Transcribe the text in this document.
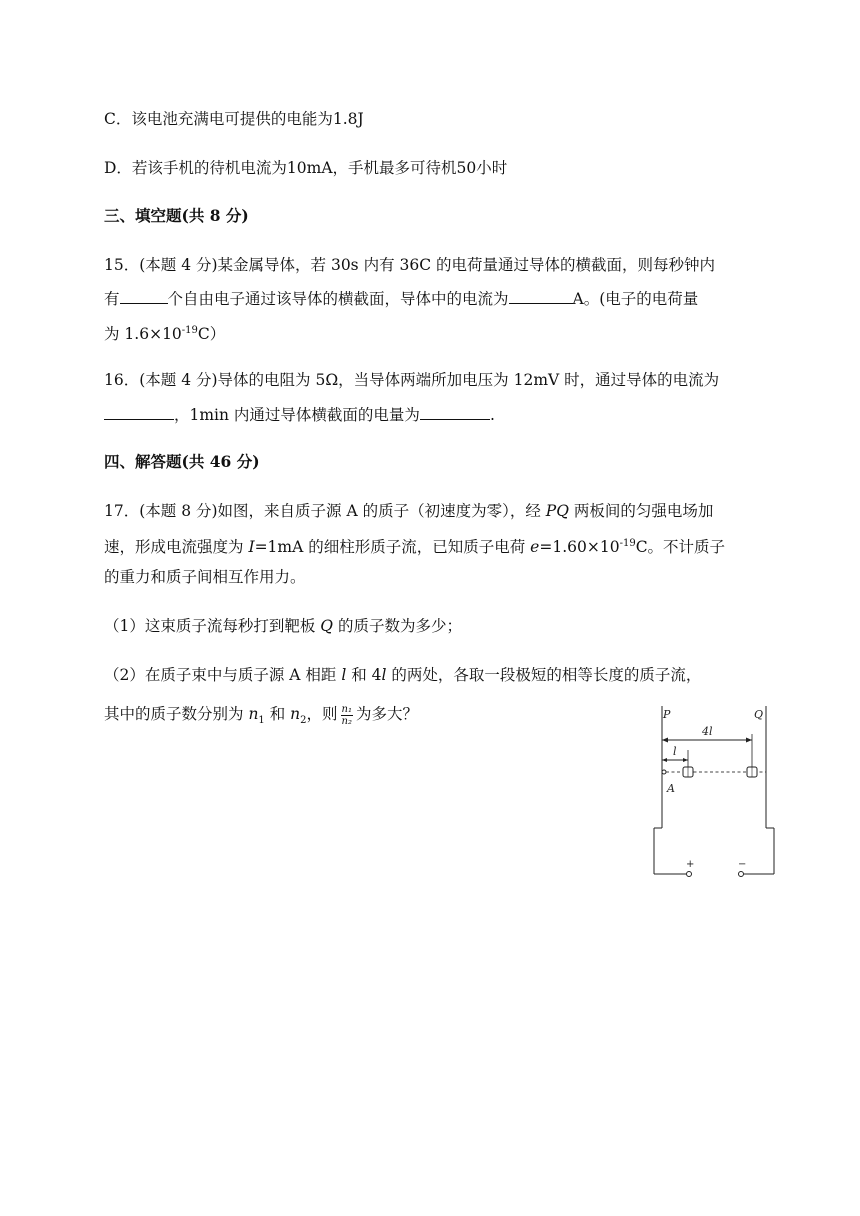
C．该电池充满电可提供的电能为1.8J
D．若该手机的待机电流为10mA，手机最多可待机50小时
三、填空题(共 8 分)
15．(本题 4 分)某金属导体，若 30s 内有 36C 的电荷量通过导体的横截面，则每秒钟内
有	个自由电子通过该导体的横截面，导体中的电流为	A。(电子的电荷量
为 $1.6\times 10^{-19}C$）
16．(本题 4 分)导体的电阻为 5Ω，当导体两端所加电压为 12mV 时，通过导体的电流为
，1min 内通过导体横截面的电量为	.
四、解答题(共 46 分)
17．(本题 8 分)如图，来自质子源 A 的质子（初速度为零），经 PQ 两板间的匀强电场加
速，形成电流强度为 I=1mA 的细柱形质子流，已知质子电荷 $e=1.60\times 10^{-19}C$。不计质子
的重力和质子间相互作用力。
（1）这束质子流每秒打到靶板 Q 的质子数为多少；
（2）在质子束中与质子源 A 相距 l 和 4l 的两处，各取一段极短的相等长度的质子流，
其中的质子数分别为 $n_1$ 和 $n_2$，则 $\frac{\text{n₁}}{\text{n₂}}$ 为多大？	P	Q
+	−
4l
l
A
